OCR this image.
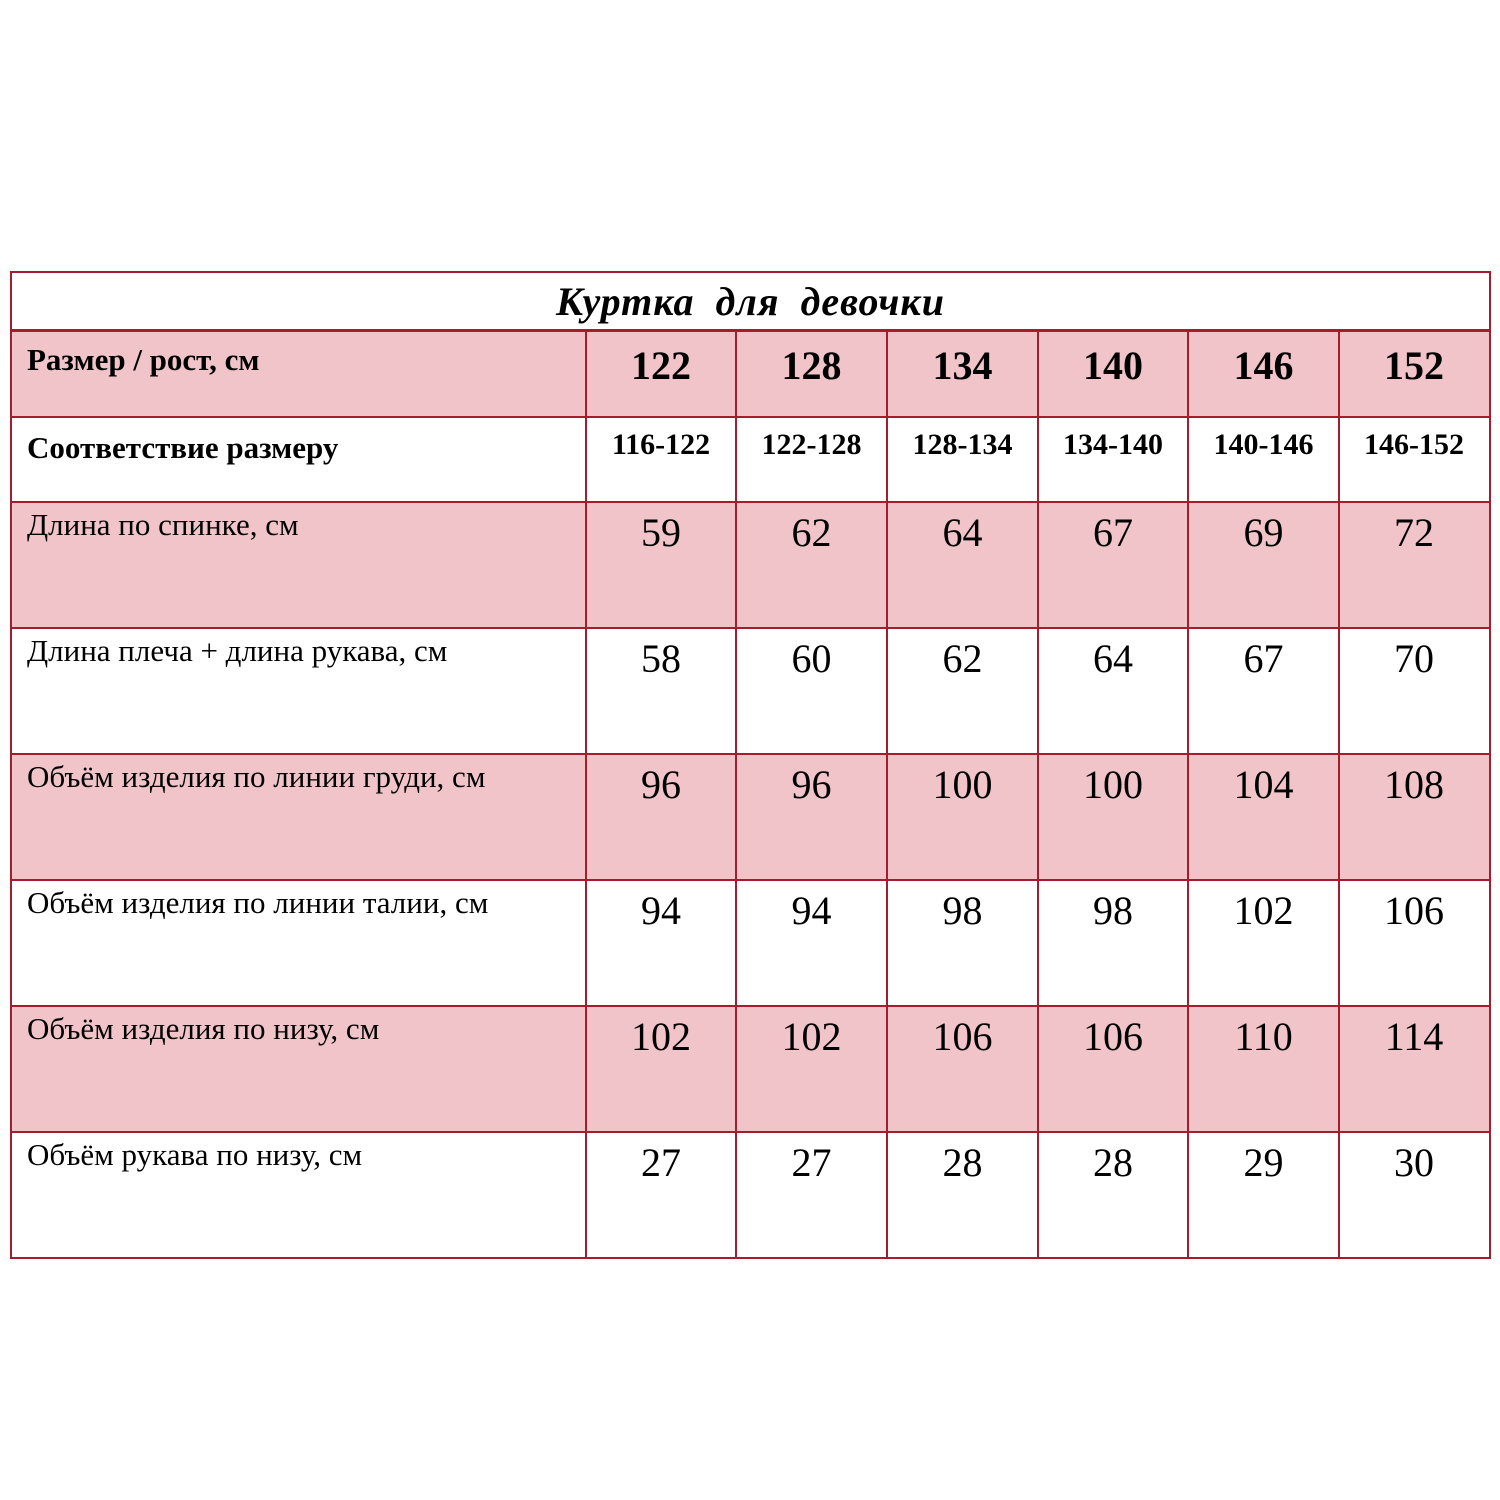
Куртка для девочки
Размер / рост, см	122	128	134	140	146	152
Соответствие размеру	116-122	122-128	128-134	134-140	140-146	146-152
Длина по спинке, см	59	62	64	67	69	72
Длина плеча + длина рукава, см	58	60	62	64	67	70
Объём изделия по линии груди, см	96	96	100	100	104	108
Объём изделия по линии талии, см	94	94	98	98	102	106
Объём изделия по низу, см	102	102	106	106	110	114
Объём рукава по низу, см	27	27	28	28	29	30
